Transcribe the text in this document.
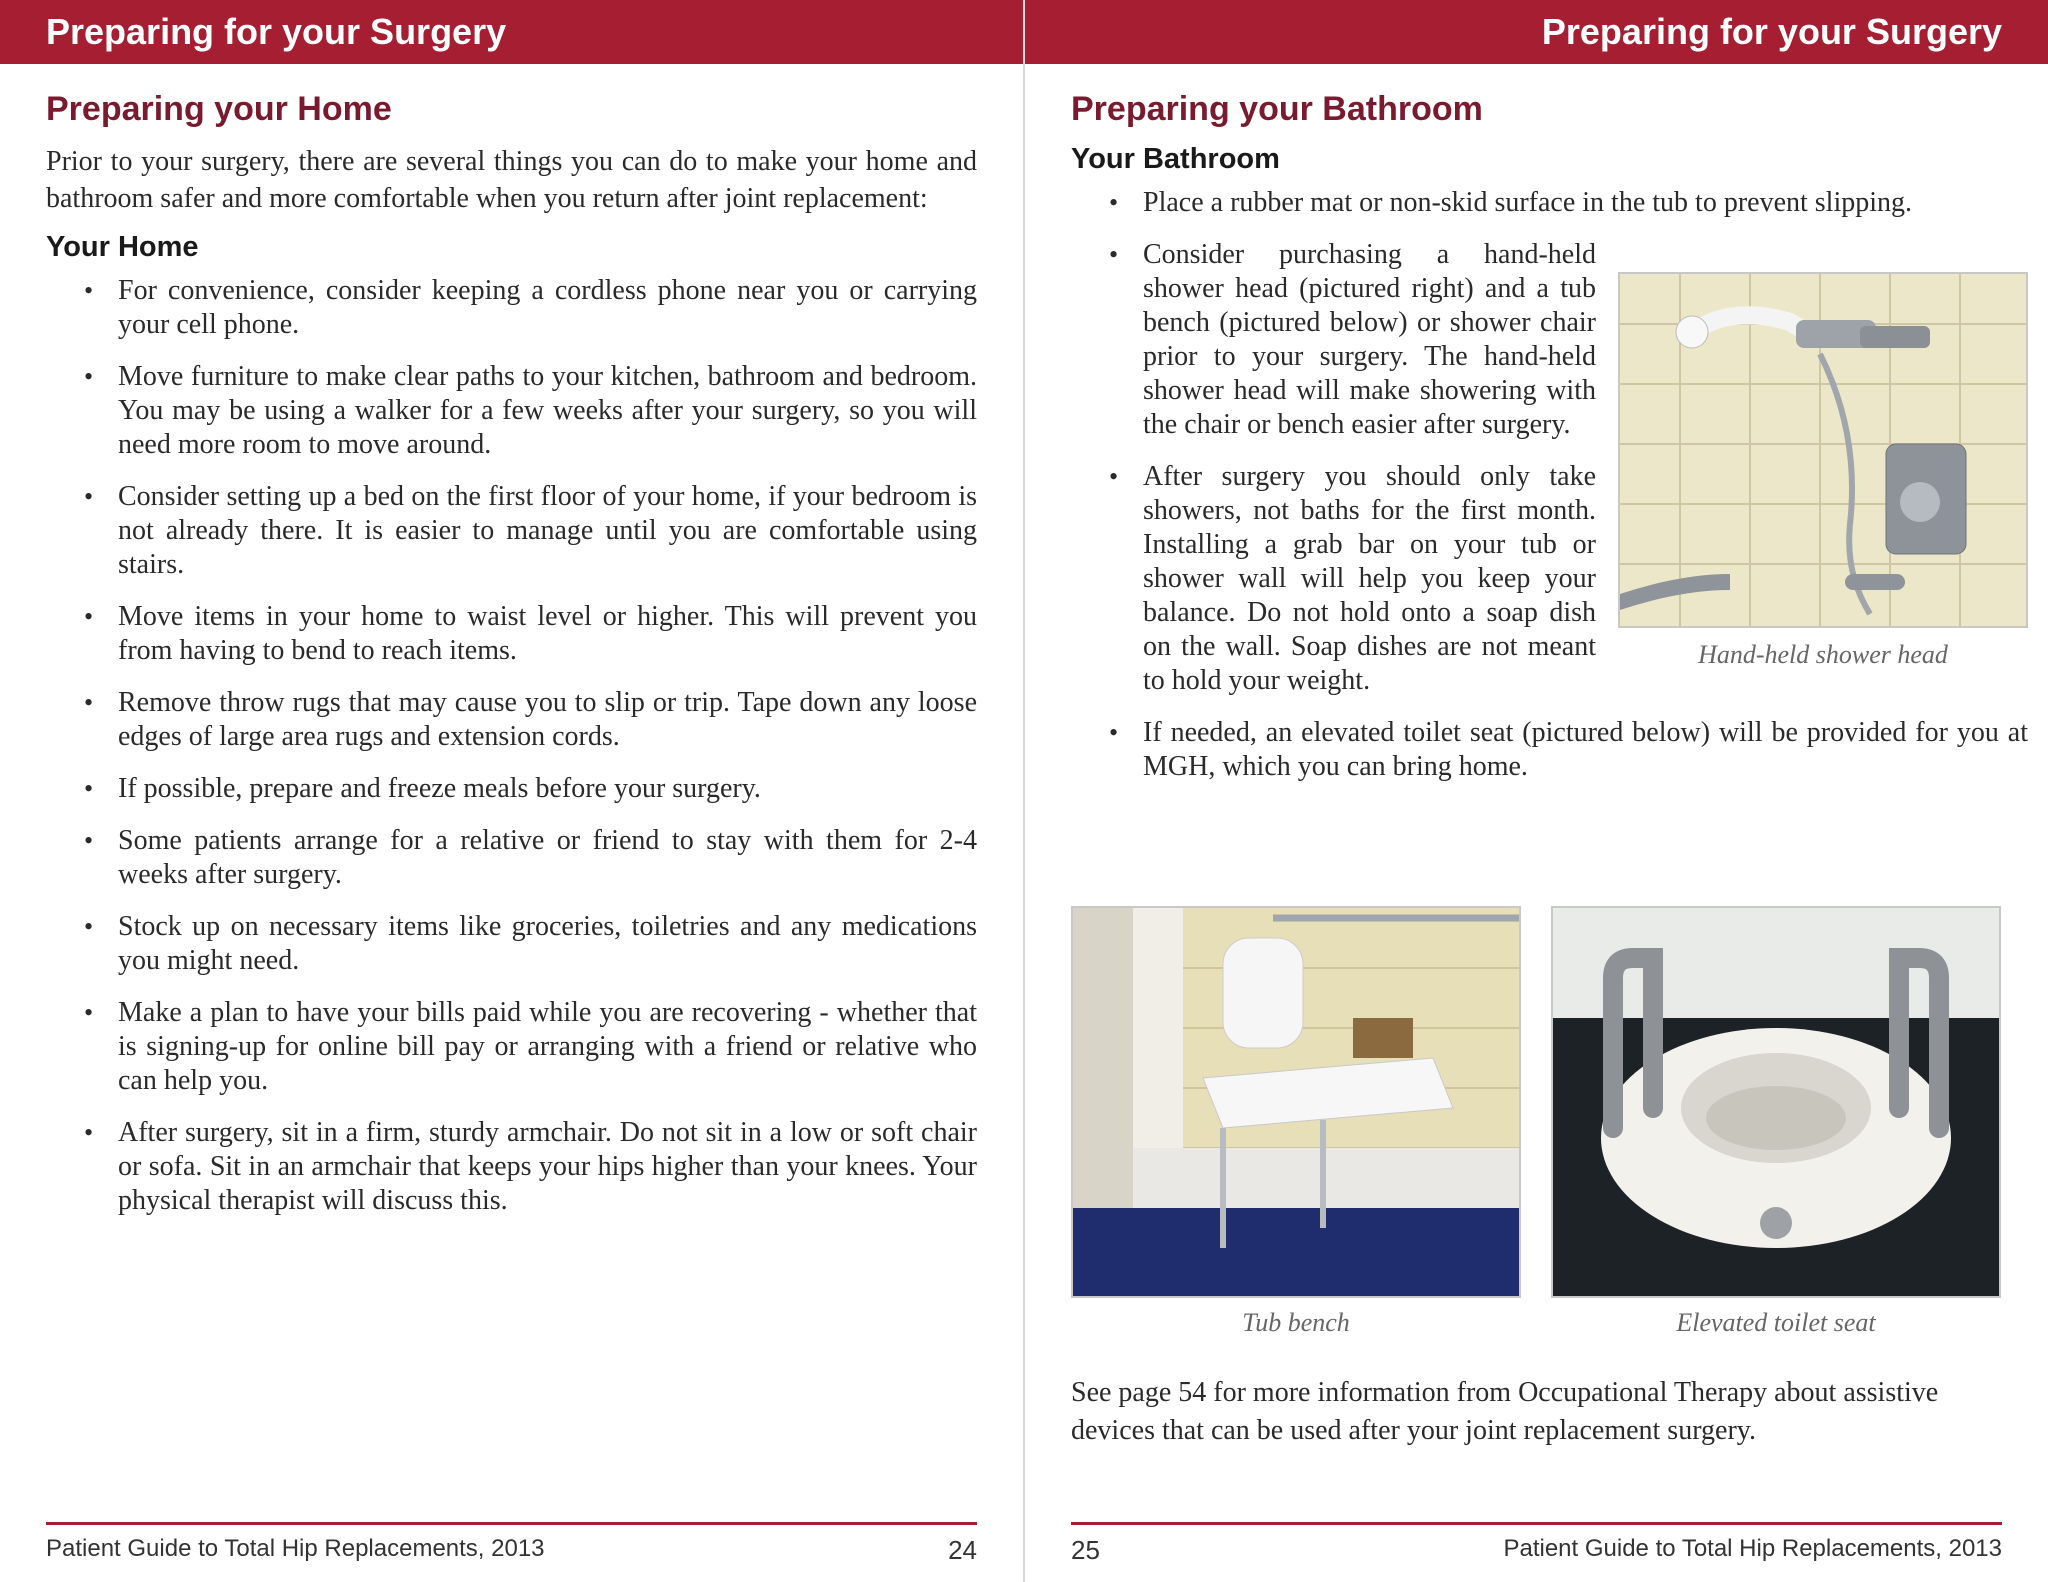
Preparing for your Surgery
Preparing your Home

Prior to your surgery, there are several things you can do to make your home and bathroom safer and more comfortable when you return after joint replacement:

Your Home
• For convenience, consider keeping a cordless phone near you or carrying your cell phone.
• Move furniture to make clear paths to your kitchen, bathroom and bedroom. You may be using a walker for a few weeks after your surgery, so you will need more room to move around.
• Consider setting up a bed on the first floor of your home, if your bedroom is not already there. It is easier to manage until you are comfortable using stairs.
• Move items in your home to waist level or higher. This will prevent you from having to bend to reach items.
• Remove throw rugs that may cause you to slip or trip. Tape down any loose edges of large area rugs and extension cords.
• If possible, prepare and freeze meals before your surgery.
• Some patients arrange for a relative or friend to stay with them for 2-4 weeks after surgery.
• Stock up on necessary items like groceries, toiletries and any medications you might need.
• Make a plan to have your bills paid while you are recovering - whether that is signing-up for online bill pay or arranging with a friend or relative who can help you.
• After surgery, sit in a firm, sturdy armchair. Do not sit in a low or soft chair or sofa. Sit in an armchair that keeps your hips higher than your knees. Your physical therapist will discuss this.
Patient Guide to Total Hip Replacements, 2013	24
Preparing for your Surgery
Preparing your Bathroom
Your Bathroom
• Place a rubber mat or non-skid surface in the tub to prevent slipping.
• Hand-held shower head
Consider purchasing a hand-held shower head (pictured right) and a tub bench (pictured below) or shower chair prior to your surgery. The hand-held shower head will make showering with the chair or bench easier after surgery.
• After surgery you should only take showers, not baths for the first month. Installing a grab bar on your tub or shower wall will help you keep your balance. Do not hold onto a soap dish on the wall. Soap dishes are not meant to hold your weight.
• If needed, an elevated toilet seat (pictured below) will be provided for you at MGH, which you can bring home.
Tub bench	Elevated toilet seat
See page 54 for more information from Occupational Therapy about assistive devices that can be used after your joint replacement surgery.
25	Patient Guide to Total Hip Replacements, 2013
